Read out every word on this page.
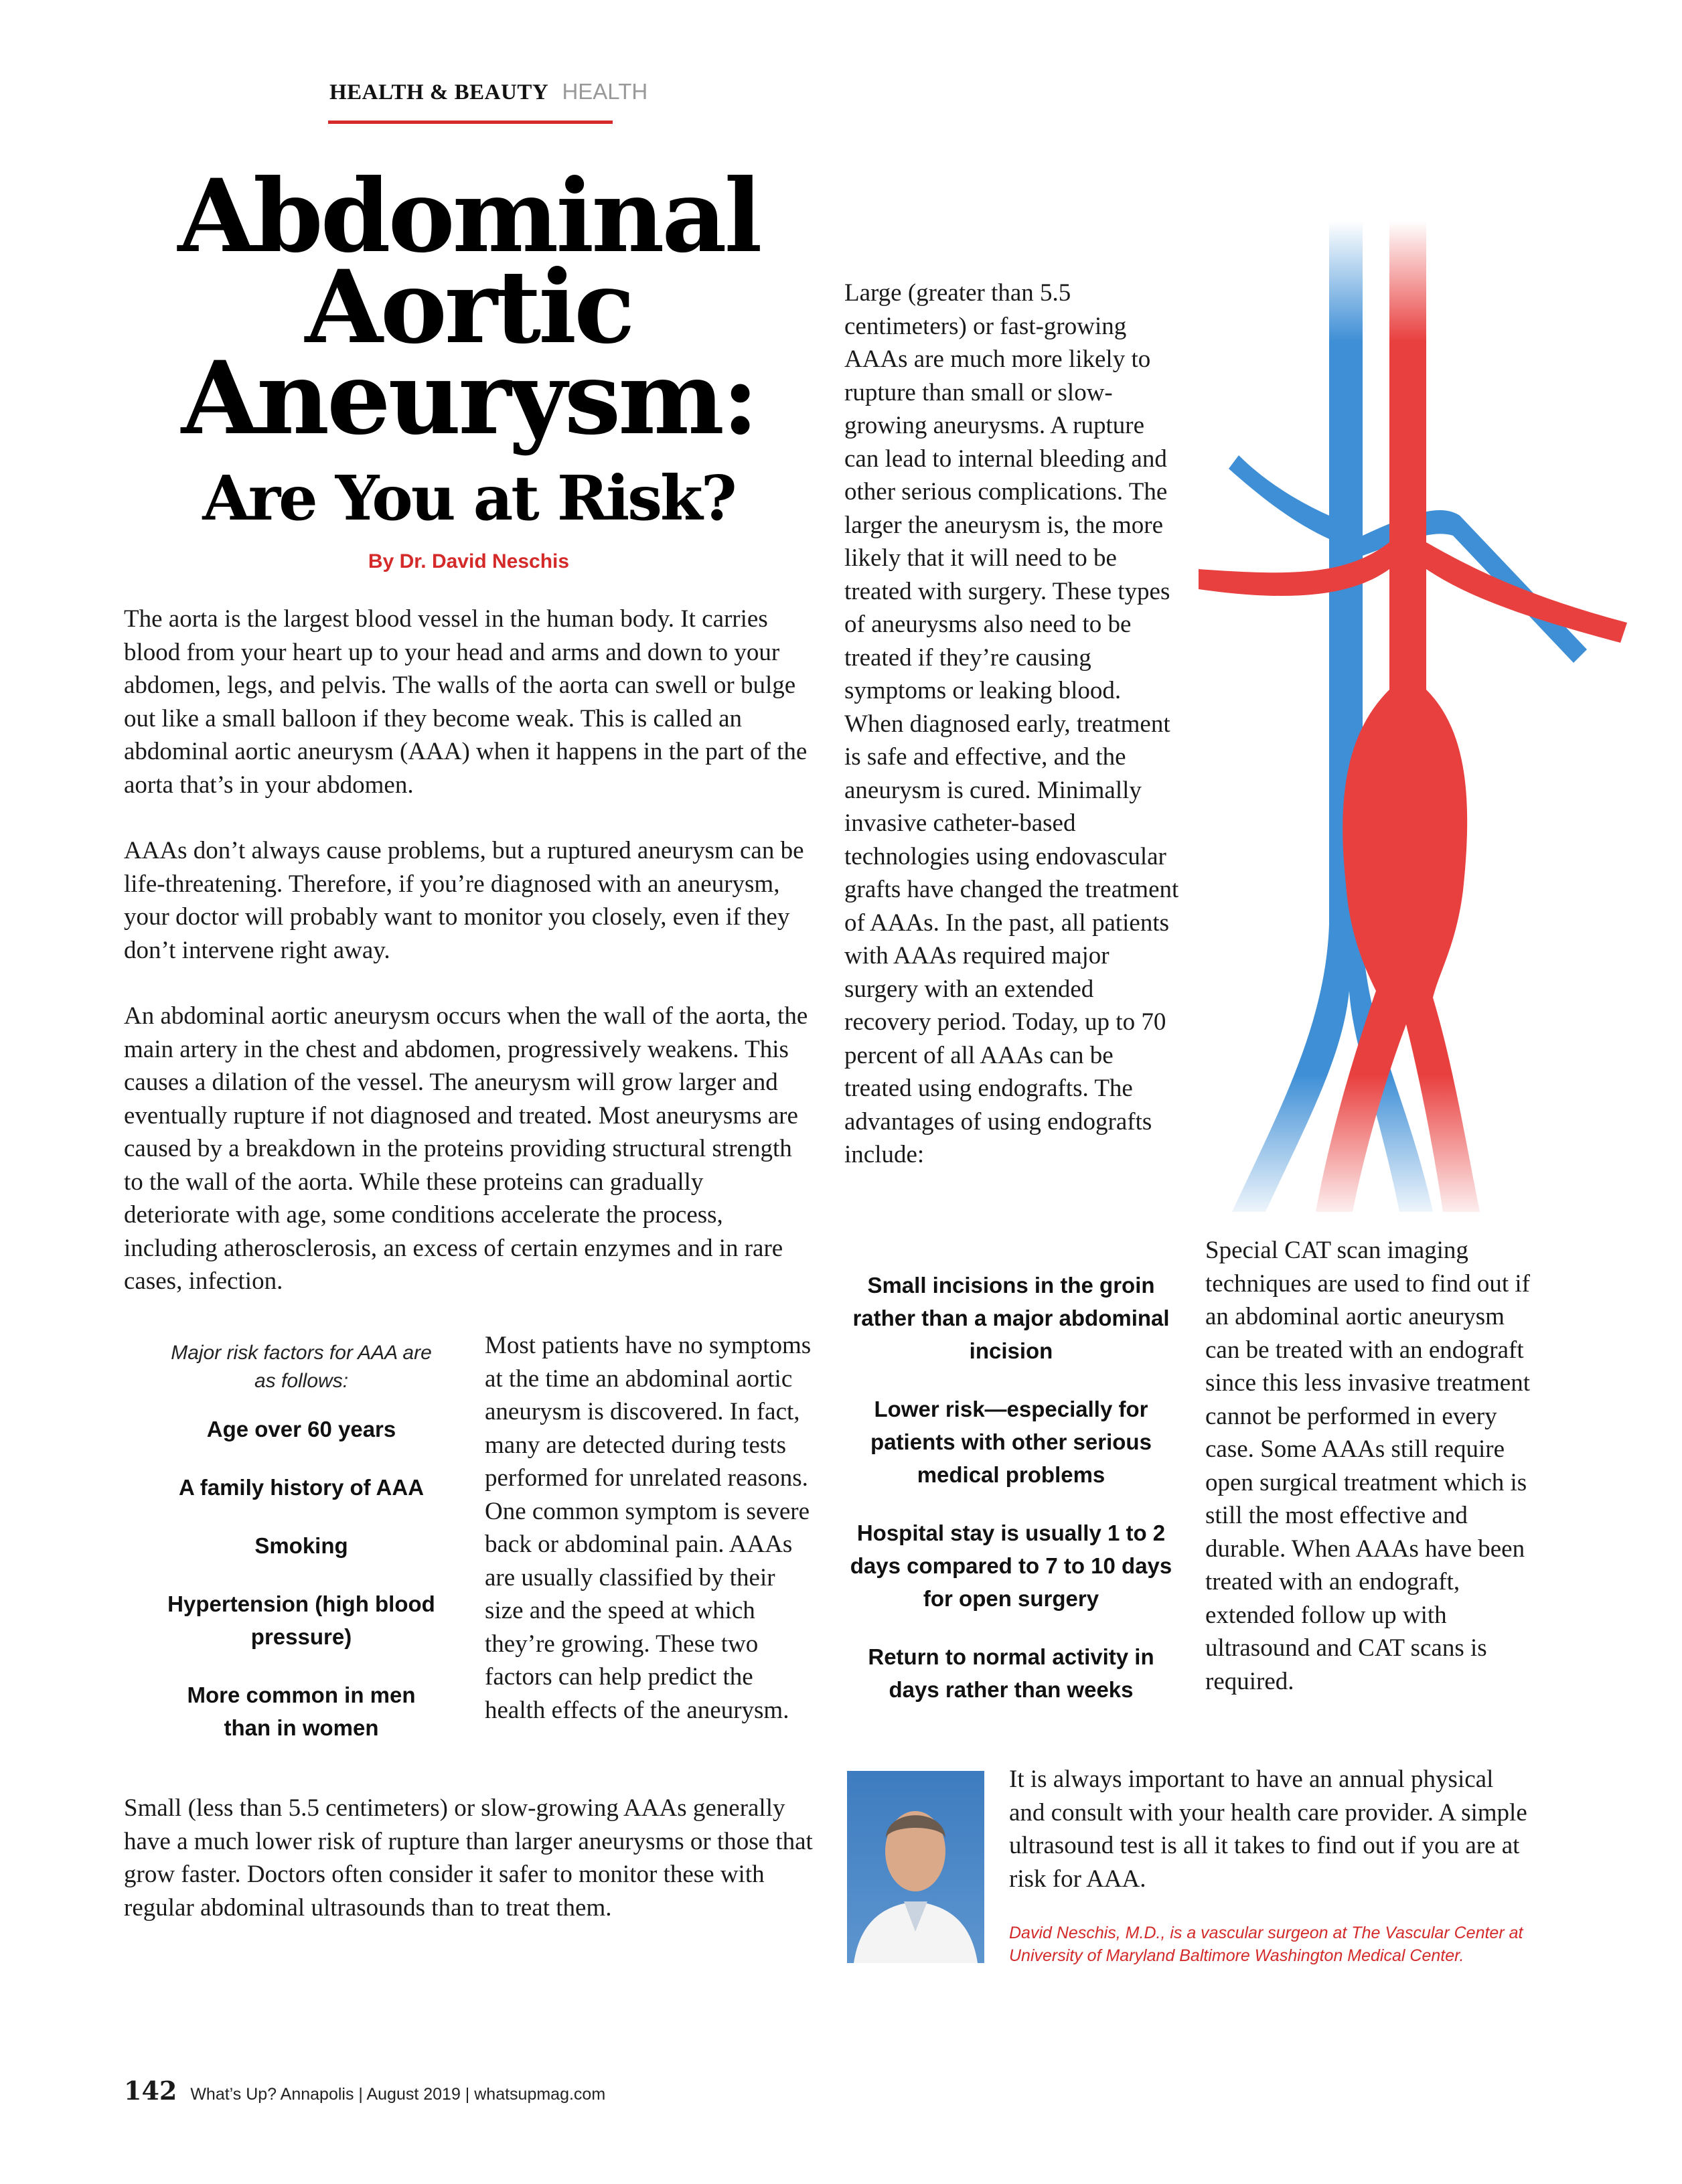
HEALTH & BEAUTY HEALTH
Abdominal
Aortic
Aneurysm:
Are You at Risk?
By Dr. David Neschis

The aorta is the largest blood vessel in the human body. It carries blood from your heart up to your head and arms and down to your abdomen, legs, and pelvis. The walls of the aorta can swell or bulge out like a small balloon if they become weak. This is called an abdominal aortic aneurysm (AAA) when it happens in the part of the aorta that’s in your abdomen.

AAAs don’t always cause problems, but a ruptured aneurysm can be life-threatening. Therefore, if you’re diagnosed with an aneurysm, your doctor will probably want to monitor you closely, even if they don’t intervene right away.

An abdominal aortic aneurysm occurs when the wall of the aorta, the main artery in the chest and abdomen, progressively weakens. This causes a dilation of the vessel. The aneurysm will grow larger and eventually rupture if not diagnosed and treated. Most aneurysms are caused by a breakdown in the proteins providing structural strength to the wall of the aorta. While these proteins can gradually deteriorate with age, some conditions accelerate the process, including atherosclerosis, an excess of certain enzymes and in rare cases, infection.

Major risk factors for AAA are as follows:
Age over 60 years
A family history of AAA
Smoking
Hypertension (high blood pressure)
More common in men than in women
Most patients have no symptoms at the time an abdominal aortic aneurysm is discovered. In fact, many are detected during tests performed for unrelated reasons. One common symptom is severe back or abdominal pain. AAAs are usually classified by their size and the speed at which they’re growing. These two factors can help predict the health effects of the aneurysm.
Small (less than 5.5 centimeters) or slow-growing AAAs generally have a much lower risk of rupture than larger aneurysms or those that grow faster. Doctors often consider it safer to monitor these with regular abdominal ultrasounds than to treat them.
Large (greater than 5.5 centimeters) or fast-growing AAAs are much more likely to rupture than small or slow-growing aneurysms. A rupture can lead to internal bleeding and other serious complications. The larger the aneurysm is, the more likely that it will need to be treated with surgery. These types of aneurysms also need to be treated if they’re causing symptoms or leaking blood. When diagnosed early, treatment is safe and effective, and the aneurysm is cured. Minimally invasive catheter-based technologies using endovascular grafts have changed the treatment of AAAs. In the past, all patients with AAAs required major surgery with an extended recovery period. Today, up to 70 percent of all AAAs can be treated using endografts. The advantages of using endografts include:
Small incisions in the groin rather than a major abdominal incision
Lower risk—especially for patients with other serious medical problems
Hospital stay is usually 1 to 2 days compared to 7 to 10 days for open surgery
Return to normal activity in days rather than weeks
Special CAT scan imaging techniques are used to find out if an abdominal aortic aneurysm can be treated with an endograft since this less invasive treatment cannot be performed in every case. Some AAAs still require open surgical treatment which is still the most effective and durable. When AAAs have been treated with an endograft, extended follow up with ultrasound and CAT scans is required.
It is always important to have an annual physical and consult with your health care provider. A simple ultrasound test is all it takes to find out if you are at risk for AAA.
David Neschis, M.D., is a vascular surgeon at The Vascular Center at University of Maryland Baltimore Washington Medical Center.
142 What’s Up? Annapolis | August 2019 | whatsupmag.com
